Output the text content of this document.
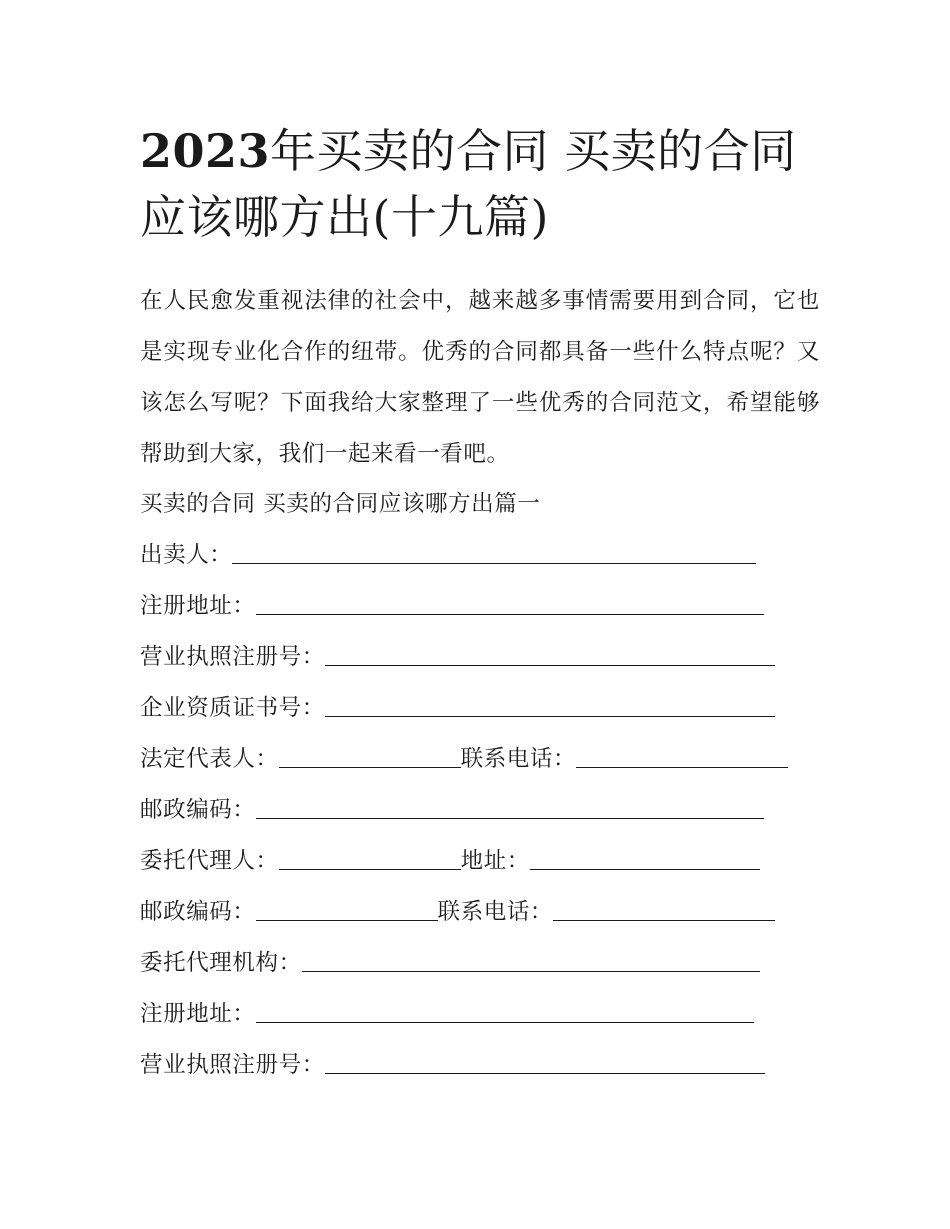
2023年买卖的合同 买卖的合同应该哪方出(十九篇)

在人民愈发重视法律的社会中，越来越多事情需要用到合同，它也是实现专业化合作的纽带。优秀的合同都具备一些什么特点呢？又该怎么写呢？下面我给大家整理了一些优秀的合同范文，希望能够帮助到大家，我们一起来看一看吧。

买卖的合同 买卖的合同应该哪方出篇一
出卖人：
注册地址：
营业执照注册号：
企业资质证书号：
法定代表人：	联系电话：
邮政编码：
委托代理人：	地址：
邮政编码：	联系电话：
委托代理机构：
注册地址：
营业执照注册号：
